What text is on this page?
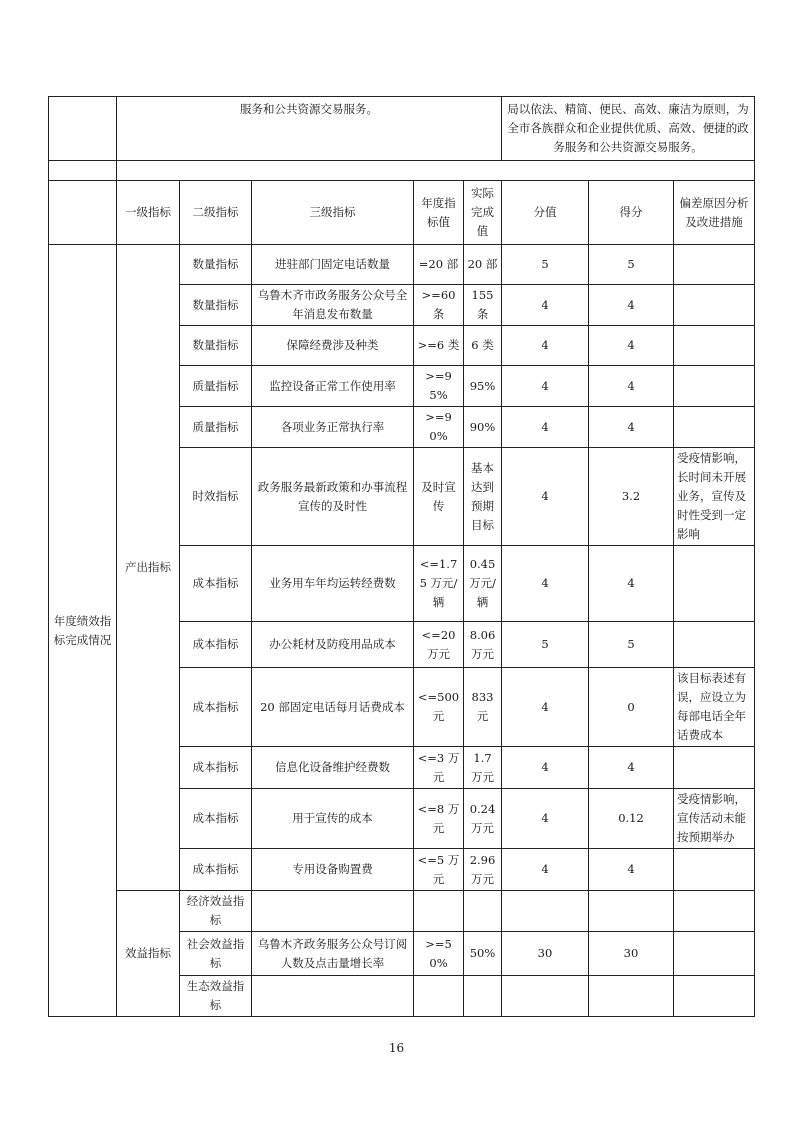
	服务和公共资源交易服务。					局以依法、精简、便民、高效、廉洁为原则，为全市各族群众和企业提供优质、高效、便捷的政务服务和公共资源交易服务。		

	一级指标	二级指标	三级指标	年度指标值	实际完成值	分值	得分	偏差原因分析及改进措施
年度绩效指标完成情况	产出指标	数量指标	进驻部门固定电话数量	=20 部	20 部	5	5	
		数量指标	乌鲁木齐市政务服务公众号全年消息发布数量	>=60 条	155 条	4	4	
		数量指标	保障经费涉及种类	>=6 类	6 类	4	4	
		质量指标	监控设备正常工作使用率	>=95%	95%	4	4	
		质量指标	各项业务正常执行率	>=90%	90%	4	4	
		时效指标	政务服务最新政策和办事流程宣传的及时性	及时宣传	基本达到预期目标	4	3.2	受疫情影响，长时间未开展业务，宣传及时性受到一定影响
		成本指标	业务用车年均运转经费数	<=1.75 万元/辆	0.45 万元/辆	4	4	
		成本指标	办公耗材及防疫用品成本	<=20 万元	8.06 万元	5	5	
		成本指标	20 部固定电话每月话费成本	<=500 元	833 元	4	0	该目标表述有误，应设立为每部电话全年话费成本
		成本指标	信息化设备维护经费数	<=3 万元	1.7 万元	4	4	
		成本指标	用于宣传的成本	<=8 万元	0.24 万元	4	0.12	受疫情影响，宣传活动未能按预期举办
		成本指标	专用设备购置费	<=5 万元	2.96 万元	4	4	
	效益指标	经济效益指标						
		社会效益指标	乌鲁木齐政务服务公众号订阅人数及点击量增长率	>=50%	50%	30	30	
		生态效益指标						
16
